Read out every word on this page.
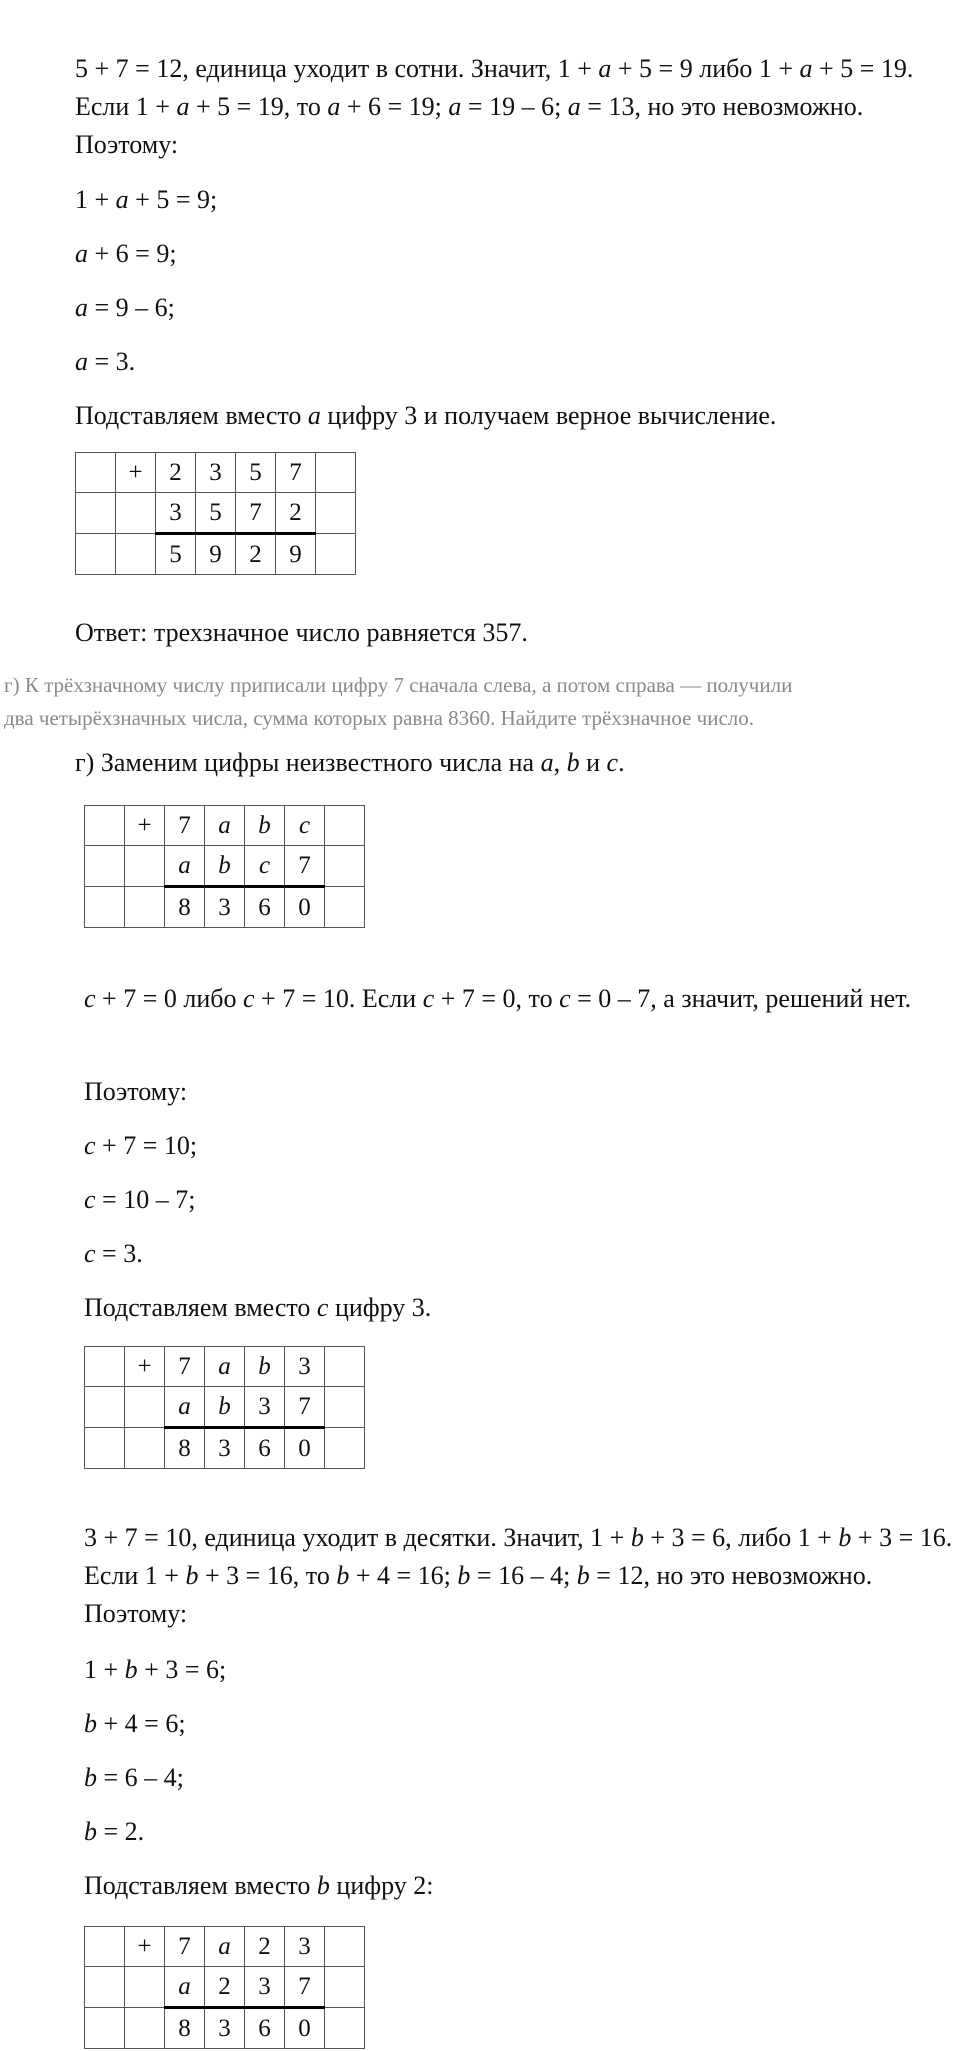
5 + 7 = 12, единица уходит в сотни. Значит, 1 + a + 5 = 9 либо 1 + a + 5 = 19. Если 1 + a + 5 = 19, то a + 6 = 19; a = 19 – 6; a = 13, но это невозможно. Поэтому:

1 + a + 5 = 9;

a + 6 = 9;

a = 9 – 6;

a = 3.

Подставляем вместо a цифру 3 и получаем верное вычисление.

	+	2	3	5	7	
		3	5	7	2	
		5	9	2	9	

Ответ: трехзначное число равняется 357.

г) К трёхзначному числу приписали цифру 7 сначала слева, а потом справа — получили

два четырёхзначных числа, сумма которых равна 8360. Найдите трёхзначное число.

г) Заменим цифры неизвестного числа на a, b и c.

	+	7	a	b	c	
		a	b	c	7	
		8	3	6	0	

c + 7 = 0 либо c + 7 = 10. Если c + 7 = 0, то c = 0 – 7, а значит, решений нет.

Поэтому:

c + 7 = 10;

c = 10 – 7;

c = 3.

Подставляем вместо c цифру 3.

	+	7	a	b	3	
		a	b	3	7	
		8	3	6	0	

3 + 7 = 10, единица уходит в десятки. Значит, 1 + b + 3 = 6, либо 1 + b + 3 = 16. Если 1 + b + 3 = 16, то b + 4 = 16; b = 16 – 4; b = 12, но это невозможно. Поэтому:

1 + b + 3 = 6;

b + 4 = 6;

b = 6 – 4;

b = 2.

Подставляем вместо b цифру 2:

	+	7	a	2	3	
		a	2	3	7	
		8	3	6	0	
